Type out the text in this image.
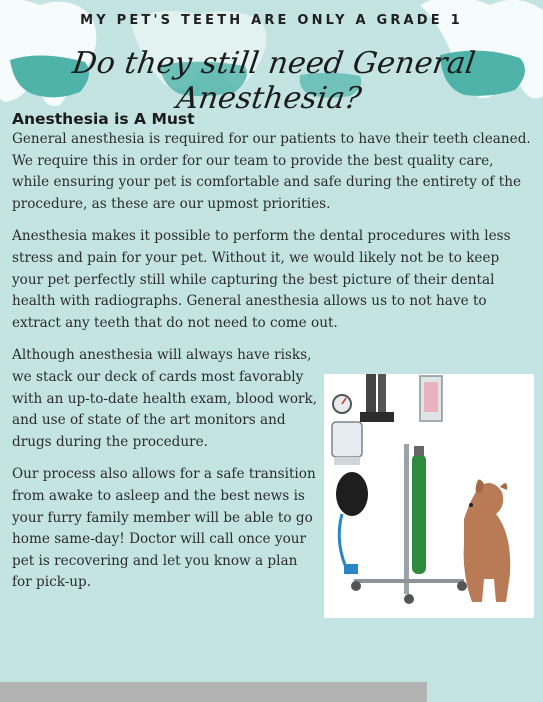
MY PET'S TEETH ARE ONLY A GRADE 1
Do they still need General Anesthesia?
Anesthesia is A Must

General anesthesia is required for our patients to have their teeth cleaned. We require this in order for our team to provide the best quality care, while ensuring your pet is comfortable and safe during the entirety of the procedure, as these are our upmost priorities.

Anesthesia makes it possible to perform the dental procedures with less stress and pain for your pet. Without it, we would likely not be to keep your pet perfectly still while capturing the best picture of their dental health with radiographs. General anesthesia allows us to not have to extract any teeth that do not need to come out.

Although anesthesia will always have risks, we stack our deck of cards most favorably with an up-to-date health exam, blood work, and use of state of the art monitors and drugs during the procedure.

Our process also allows for a safe transition from awake to asleep and the best news is your furry family member will be able to go home same-day! Doctor will call once your pet is recovering and let you know a plan for pick-up.
